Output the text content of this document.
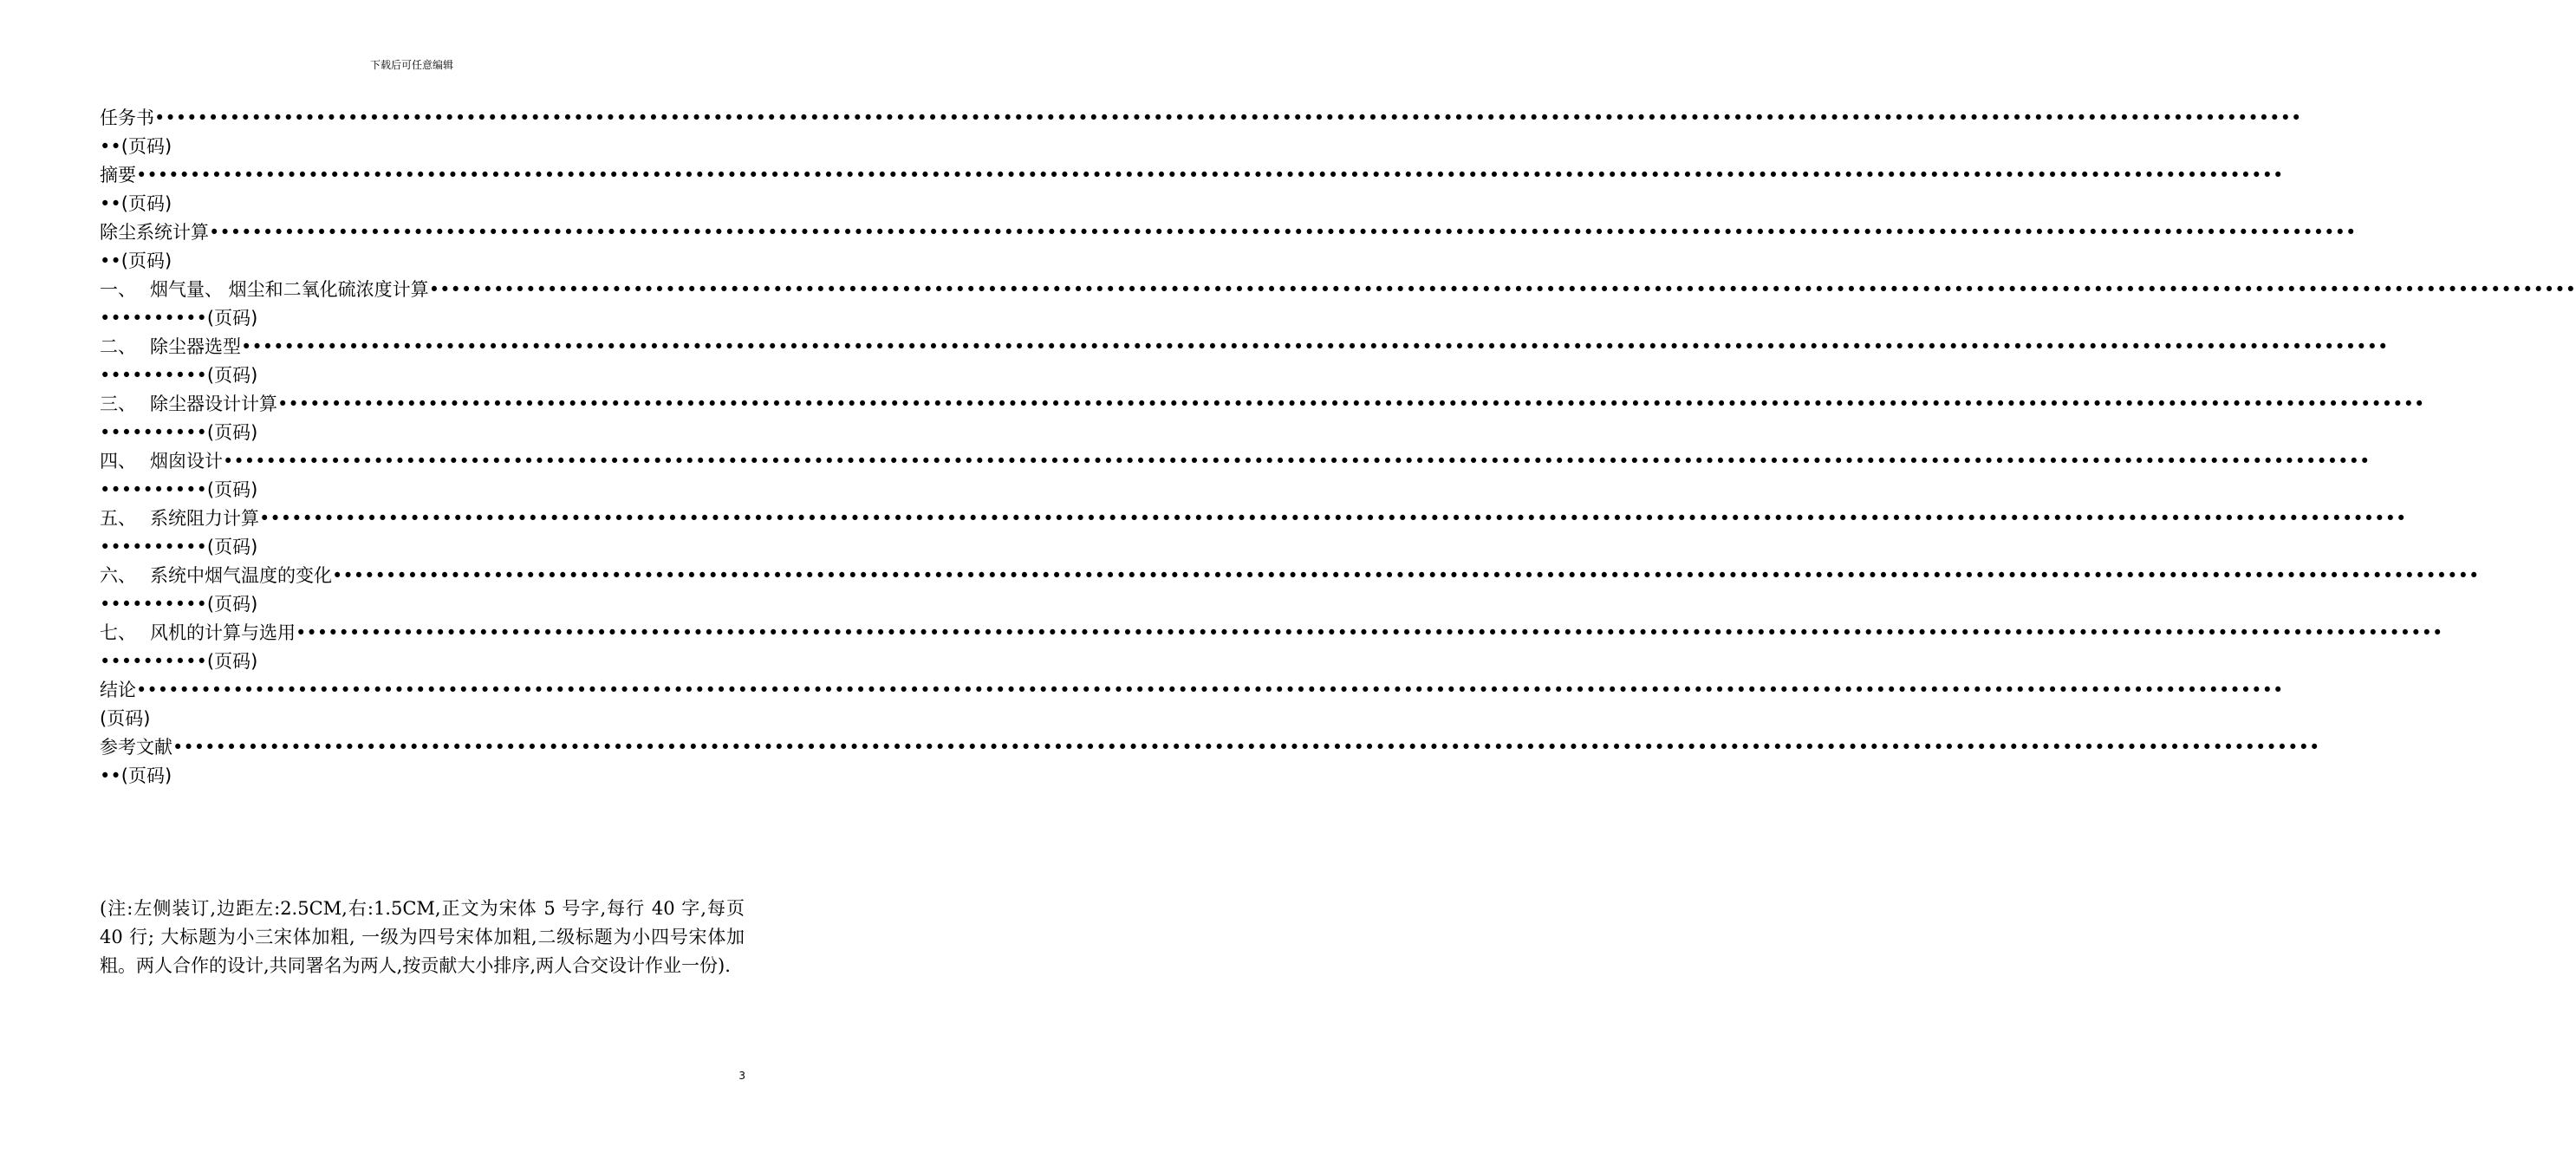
下载后可任意编辑
任务书 ••••••••••••••••••••••••••••••••••••••••••••••••••••••••••••••••••••••••••••••••••••••••••••••••••••••••••••••••••••••••••••••••••••••••••••••••••••••••••••••••••••••••••••••••••••••••••••••••••••••••
••(页码)
摘要 ••••••••••••••••••••••••••••••••••••••••••••••••••••••••••••••••••••••••••••••••••••••••••••••••••••••••••••••••••••••••••••••••••••••••••••••••••••••••••••••••••••••••••••••••••••••••••••••••••••••••
••(页码)
除尘系统计算 ••••••••••••••••••••••••••••••••••••••••••••••••••••••••••••••••••••••••••••••••••••••••••••••••••••••••••••••••••••••••••••••••••••••••••••••••••••••••••••••••••••••••••••••••••••••••••••••••••••••••
••(页码)
一、 烟气量、 烟尘和二氧化硫浓度计算 ••••••••••••••••••••••••••••••••••••••••••••••••••••••••••••••••••••••••••••••••••••••••••••••••••••••••••••••••••••••••••••••••••••••••••••••••••••••••••••••••••••••••••••••••••••••••••••••••••••••••
••••••••••(页码)
二、 除尘器选型 ••••••••••••••••••••••••••••••••••••••••••••••••••••••••••••••••••••••••••••••••••••••••••••••••••••••••••••••••••••••••••••••••••••••••••••••••••••••••••••••••••••••••••••••••••••••••••••••••••••••••
••••••••••(页码)
三、 除尘器设计计算 ••••••••••••••••••••••••••••••••••••••••••••••••••••••••••••••••••••••••••••••••••••••••••••••••••••••••••••••••••••••••••••••••••••••••••••••••••••••••••••••••••••••••••••••••••••••••••••••••••••••••
••••••••••(页码)
四、 烟囱设计 ••••••••••••••••••••••••••••••••••••••••••••••••••••••••••••••••••••••••••••••••••••••••••••••••••••••••••••••••••••••••••••••••••••••••••••••••••••••••••••••••••••••••••••••••••••••••••••••••••••••••
••••••••••(页码)
五、 系统阻力计算 ••••••••••••••••••••••••••••••••••••••••••••••••••••••••••••••••••••••••••••••••••••••••••••••••••••••••••••••••••••••••••••••••••••••••••••••••••••••••••••••••••••••••••••••••••••••••••••••••••••••••
••••••••••(页码)
六、 系统中烟气温度的变化 ••••••••••••••••••••••••••••••••••••••••••••••••••••••••••••••••••••••••••••••••••••••••••••••••••••••••••••••••••••••••••••••••••••••••••••••••••••••••••••••••••••••••••••••••••••••••••••••••••••••••
••••••••••(页码)
七、 风机的计算与选用 ••••••••••••••••••••••••••••••••••••••••••••••••••••••••••••••••••••••••••••••••••••••••••••••••••••••••••••••••••••••••••••••••••••••••••••••••••••••••••••••••••••••••••••••••••••••••••••••••••••••••
••••••••••(页码)
结论 ••••••••••••••••••••••••••••••••••••••••••••••••••••••••••••••••••••••••••••••••••••••••••••••••••••••••••••••••••••••••••••••••••••••••••••••••••••••••••••••••••••••••••••••••••••••••••••••••••••••••
(页码)
参考文献 ••••••••••••••••••••••••••••••••••••••••••••••••••••••••••••••••••••••••••••••••••••••••••••••••••••••••••••••••••••••••••••••••••••••••••••••••••••••••••••••••••••••••••••••••••••••••••••••••••••••••
••(页码)
(注:左侧装订,边距左:2.5CM,右:1.5CM,正文为宋体 5 号字,每行 40 字,每页 40 行; 大标题为小三宋体加粗, 一级为四号宋体加粗,二级标题为小四号宋体加粗。两人合作的设计,共同署名为两人,按贡献大小排序,两人合交设计作业一份).
3
